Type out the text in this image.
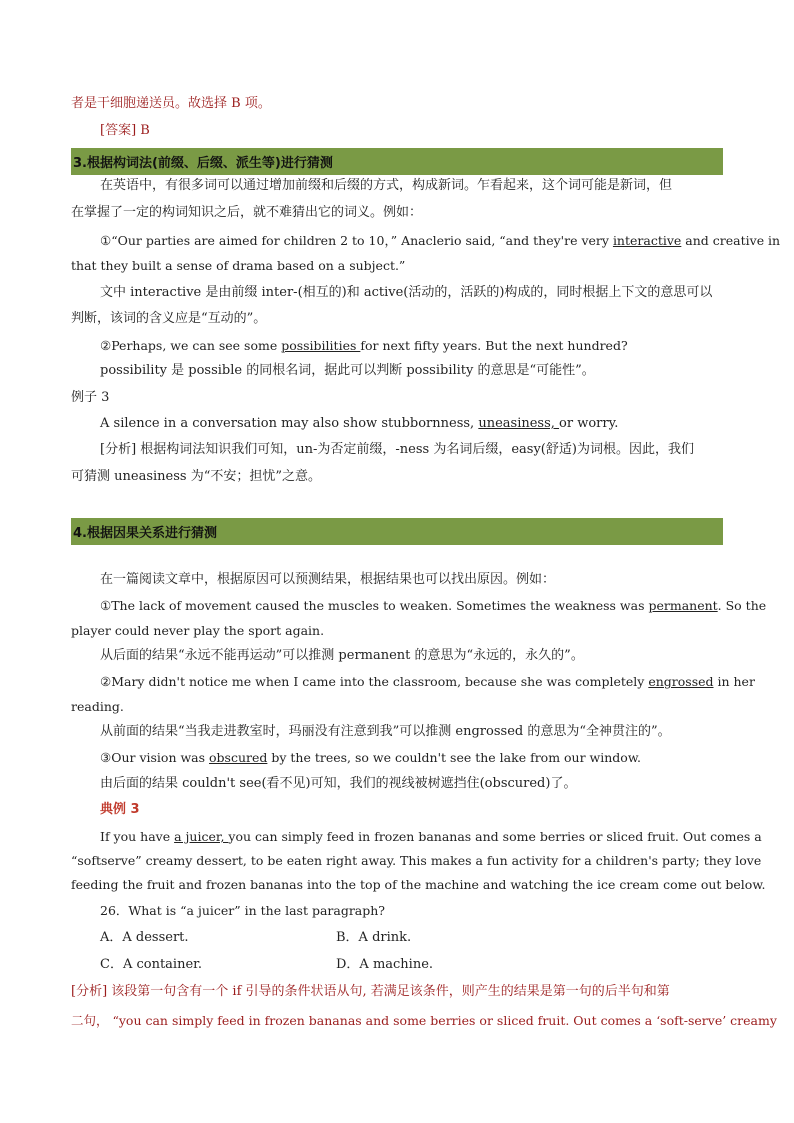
者是干细胞递送员。故选择 B 项。
[答案] B
3.根据构词法(前缀、后缀、派生等)进行猜测
在英语中，有很多词可以通过增加前缀和后缀的方式，构成新词。乍看起来，这个词可能是新词，但
在掌握了一定的构词知识之后，就不难猜出它的词义。例如：
①“Our parties are aimed for children 2 to 10，” Anaclerio said, “and they're very interactive and creative in
that they built a sense of drama based on a subject.”
文中 interactive 是由前缀 inter-(相互的)和 active(活动的，活跃的)构成的，同时根据上下文的意思可以
判断，该词的含义应是“互动的”。
②Perhaps, we can see some possibilities for next fifty years. But the next hundred?
possibility 是 possible 的同根名词，据此可以判断 possibility 的意思是“可能性”。
例子 3
A silence in a conversation may also show stubbornness, uneasiness, or worry.
[分析] 根据构词法知识我们可知，un-为否定前缀，-ness 为名词后缀，easy(舒适)为词根。因此，我们
可猜测 uneasiness 为“不安；担忧”之意。
4.根据因果关系进行猜测
在一篇阅读文章中，根据原因可以预测结果，根据结果也可以找出原因。例如：
①The lack of movement caused the muscles to weaken. Sometimes the weakness was permanent. So the
player could never play the sport again.
从后面的结果“永远不能再运动”可以推测 permanent 的意思为“永远的，永久的”。
②Mary didn't notice me when I came into the classroom, because she was completely engrossed in her
reading.
从前面的结果“当我走进教室时，玛丽没有注意到我”可以推测 engrossed 的意思为“全神贯注的”。
③Our vision was obscured by the trees, so we couldn't see the lake from our window.
由后面的结果 couldn't see(看不见)可知，我们的视线被树遮挡住(obscured)了。
典例 3
If you have a juicer, you can simply feed in frozen bananas and some berries or sliced fruit. Out comes a
“softserve” creamy dessert, to be eaten right away. This makes a fun activity for a children's party; they love
feeding the fruit and frozen bananas into the top of the machine and watching the ice cream come out below.
26．What is “a juicer” in the last paragraph?
A．A dessert.	B．A drink.
C．A container.	D．A machine.
[分析] 该段第一句含有一个 if 引导的条件状语从句, 若满足该条件，则产生的结果是第一句的后半句和第
二句， “you can simply feed in frozen bananas and some berries or sliced fruit. Out comes a ‘soft-serve’ creamy
